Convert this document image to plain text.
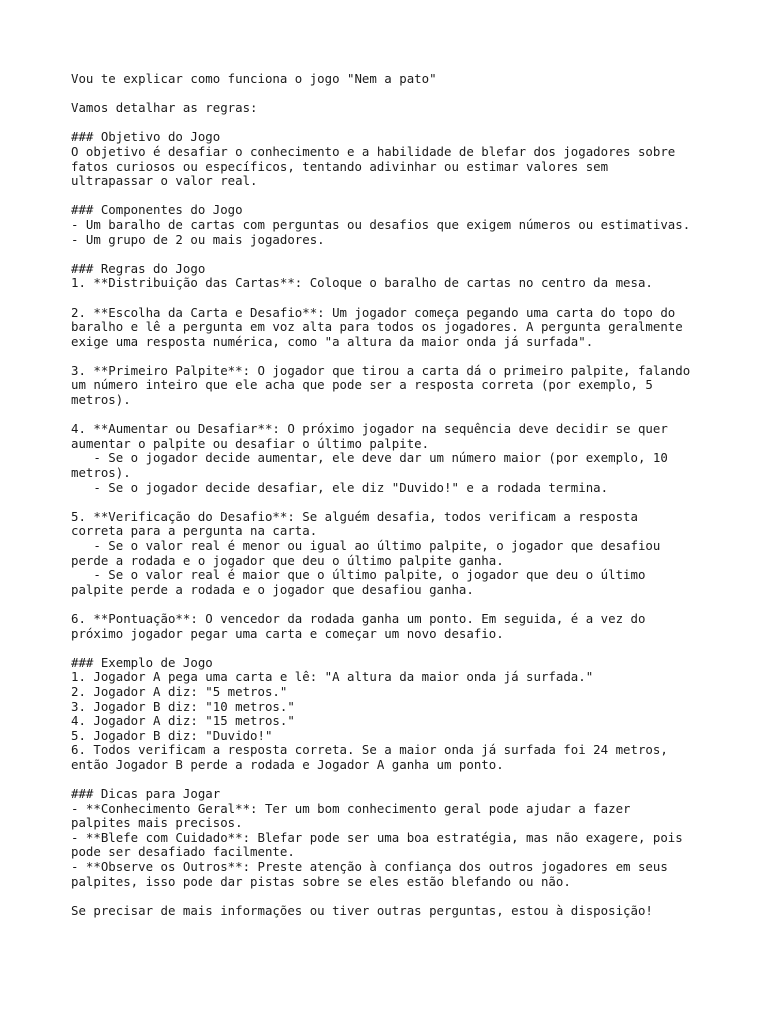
Vou te explicar como funciona o jogo "Nem a pato"
Vamos detalhar as regras:
### Objetivo do Jogo
O objetivo é desafiar o conhecimento e a habilidade de blefar dos jogadores sobre
fatos curiosos ou específicos, tentando adivinhar ou estimar valores sem
ultrapassar o valor real.
### Componentes do Jogo
- Um baralho de cartas com perguntas ou desafios que exigem números ou estimativas.
- Um grupo de 2 ou mais jogadores.
### Regras do Jogo
1. **Distribuição das Cartas**: Coloque o baralho de cartas no centro da mesa.
2. **Escolha da Carta e Desafio**: Um jogador começa pegando uma carta do topo do
baralho e lê a pergunta em voz alta para todos os jogadores. A pergunta geralmente
exige uma resposta numérica, como "a altura da maior onda já surfada".
3. **Primeiro Palpite**: O jogador que tirou a carta dá o primeiro palpite, falando
um número inteiro que ele acha que pode ser a resposta correta (por exemplo, 5
metros).
4. **Aumentar ou Desafiar**: O próximo jogador na sequência deve decidir se quer
aumentar o palpite ou desafiar o último palpite.
- Se o jogador decide aumentar, ele deve dar um número maior (por exemplo, 10
metros).
- Se o jogador decide desafiar, ele diz "Duvido!" e a rodada termina.
5. **Verificação do Desafio**: Se alguém desafia, todos verificam a resposta
correta para a pergunta na carta.
- Se o valor real é menor ou igual ao último palpite, o jogador que desafiou
perde a rodada e o jogador que deu o último palpite ganha.
- Se o valor real é maior que o último palpite, o jogador que deu o último
palpite perde a rodada e o jogador que desafiou ganha.
6. **Pontuação**: O vencedor da rodada ganha um ponto. Em seguida, é a vez do
próximo jogador pegar uma carta e começar um novo desafio.
### Exemplo de Jogo
1. Jogador A pega uma carta e lê: "A altura da maior onda já surfada."
2. Jogador A diz: "5 metros."
3. Jogador B diz: "10 metros."
4. Jogador A diz: "15 metros."
5. Jogador B diz: "Duvido!"
6. Todos verificam a resposta correta. Se a maior onda já surfada foi 24 metros,
então Jogador B perde a rodada e Jogador A ganha um ponto.
### Dicas para Jogar
- **Conhecimento Geral**: Ter um bom conhecimento geral pode ajudar a fazer
palpites mais precisos.
- **Blefe com Cuidado**: Blefar pode ser uma boa estratégia, mas não exagere, pois
pode ser desafiado facilmente.
- **Observe os Outros**: Preste atenção à confiança dos outros jogadores em seus
palpites, isso pode dar pistas sobre se eles estão blefando ou não.
Se precisar de mais informações ou tiver outras perguntas, estou à disposição!
